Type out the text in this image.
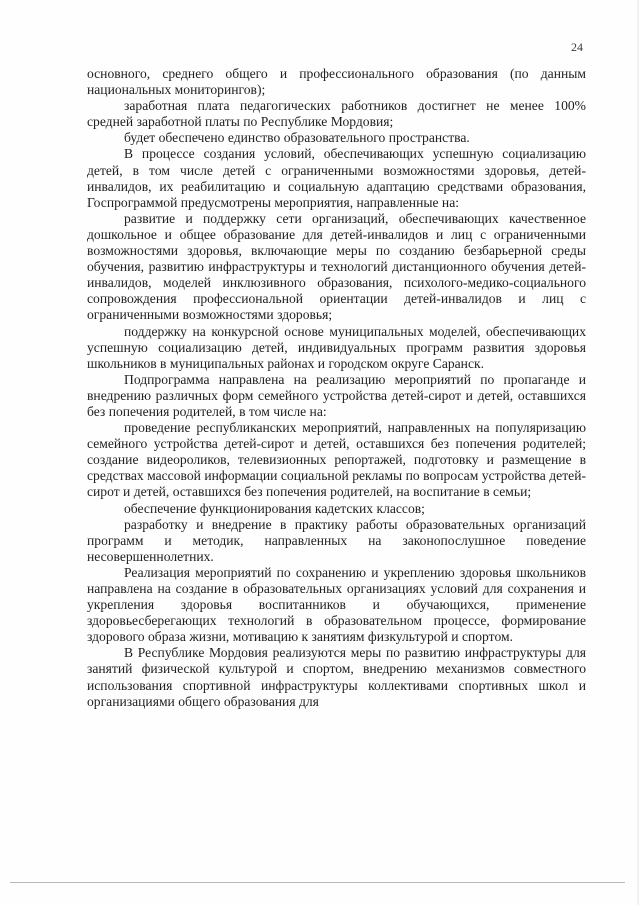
24

основного, среднего общего и профессионального образования (по данным национальных мониторингов);

заработная плата педагогических работников достигнет не менее 100% средней заработной платы по Республике Мордовия;

будет обеспечено единство образовательного пространства.

В процессе создания условий, обеспечивающих успешную социализацию детей, в том числе детей с ограниченными возможностями здоровья, детей-инвалидов, их реабилитацию и социальную адаптацию средствами образования, Госпрограммой предусмотрены мероприятия, направленные на:

развитие и поддержку сети организаций, обеспечивающих качественное дошкольное и общее образование для детей-инвалидов и лиц с ограниченными возможностями здоровья, включающие меры по созданию безбарьерной среды обучения, развитию инфраструктуры и технологий дистанционного обучения детей-инвалидов, моделей инклюзивного образования, психолого-медико-социального сопровождения профессиональной ориентации детей-инвалидов и лиц с ограниченными возможностями здоровья;

поддержку на конкурсной основе муниципальных моделей, обеспечивающих успешную социализацию детей, индивидуальных программ развития здоровья школьников в муниципальных районах и городском округе Саранск.

Подпрограмма направлена на реализацию мероприятий по пропаганде и внедрению различных форм семейного устройства детей-сирот и детей, оставшихся без попечения родителей, в том числе на:

проведение республиканских мероприятий, направленных на популяризацию семейного устройства детей-сирот и детей, оставшихся без попечения родителей; создание видеороликов, телевизионных репортажей, подготовку и размещение в средствах массовой информации социальной рекламы по вопросам устройства детей-сирот и детей, оставшихся без попечения родителей, на воспитание в семьи;

обеспечение функционирования кадетских классов;

разработку и внедрение в практику работы образовательных организаций программ и методик, направленных на законопослушное поведение несовершеннолетних.

Реализация мероприятий по сохранению и укреплению здоровья школьников направлена на создание в образовательных организациях условий для сохранения и укрепления здоровья воспитанников и обучающихся, применение здоровьесберегающих технологий в образовательном процессе, формирование здорового образа жизни, мотивацию к занятиям физкультурой и спортом.

В Республике Мордовия реализуются меры по развитию инфраструктуры для занятий физической культурой и спортом, внедрению механизмов совместного использования спортивной инфраструктуры коллективами спортивных школ и организациями общего образования для
